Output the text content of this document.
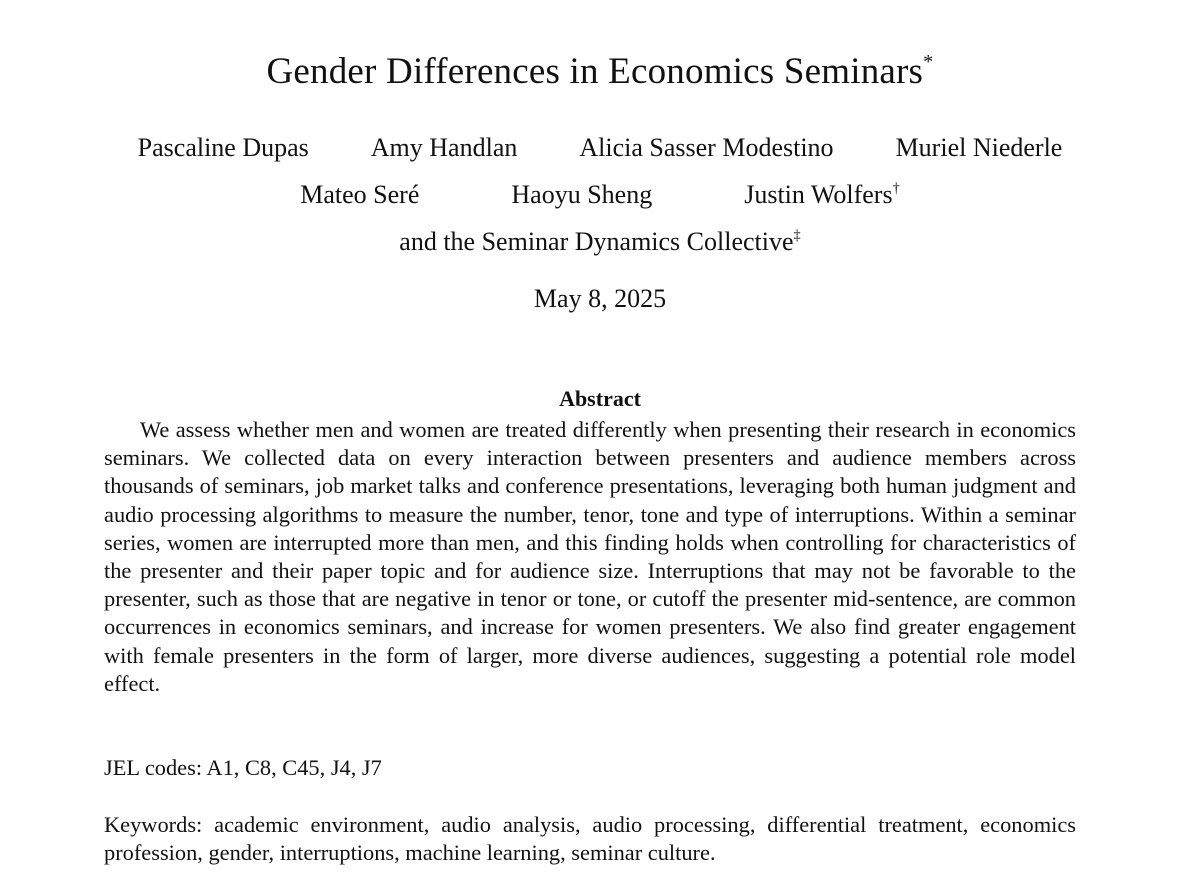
Gender Differences in Economics Seminars*
Pascaline Dupas Amy Handlan Alicia Sasser Modestino Muriel Niederle
Mateo Seré	Haoyu Sheng	Justin Wolfers†
and the Seminar Dynamics Collective‡
May 8, 2025
Abstract

We assess whether men and women are treated differently when presenting their research in economics seminars. We collected data on every interaction between presenters and audience members across thousands of seminars, job market talks and conference presentations, leveraging both human judgment and audio processing algorithms to measure the number, tenor, tone and type of interruptions. Within a seminar series, women are interrupted more than men, and this finding holds when controlling for characteristics of the presenter and their paper topic and for audience size. Interruptions that may not be favorable to the presenter, such as those that are negative in tenor or tone, or cutoff the presenter mid-sentence, are common occurrences in economics seminars, and increase for women presenters. We also find greater engagement with female presenters in the form of larger, more diverse audiences, suggesting a potential role model effect.

JEL codes: A1, C8, C45, J4, J7

Keywords: academic environment, audio analysis, audio processing, differential treatment, economics profession, gender, interruptions, machine learning, seminar culture.
